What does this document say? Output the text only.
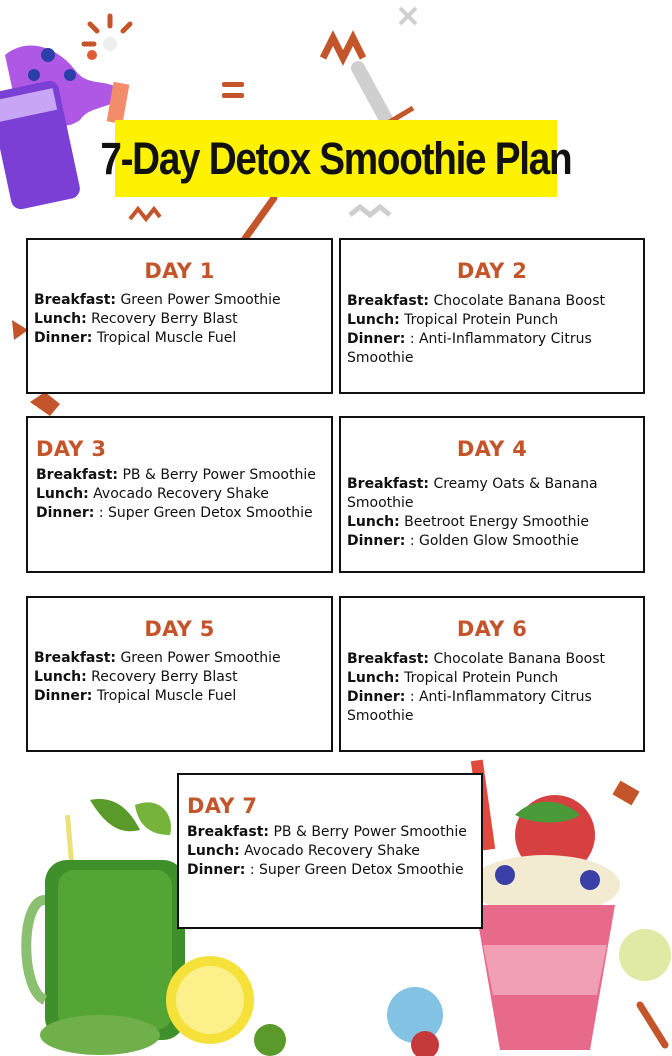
7-Day Detox Smoothie Plan
DAY 1

Breakfast: Green Power Smoothie

Lunch: Recovery Berry Blast

Dinner: Tropical Muscle Fuel

DAY 2

Breakfast: Chocolate Banana Boost

Lunch: Tropical Protein Punch

Dinner: : Anti-Inflammatory Citrus Smoothie

DAY 3

Breakfast: PB & Berry Power Smoothie

Lunch: Avocado Recovery Shake

Dinner: : Super Green Detox Smoothie

DAY 4

Breakfast: Creamy Oats & Banana Smoothie

Lunch: Beetroot Energy Smoothie

Dinner: : Golden Glow Smoothie

DAY 5

Breakfast: Green Power Smoothie

Lunch: Recovery Berry Blast

Dinner: Tropical Muscle Fuel

DAY 6

Breakfast: Chocolate Banana Boost

Lunch: Tropical Protein Punch

Dinner: : Anti-Inflammatory Citrus Smoothie

DAY 7

Breakfast: PB & Berry Power Smoothie

Lunch: Avocado Recovery Shake

Dinner: : Super Green Detox Smoothie
